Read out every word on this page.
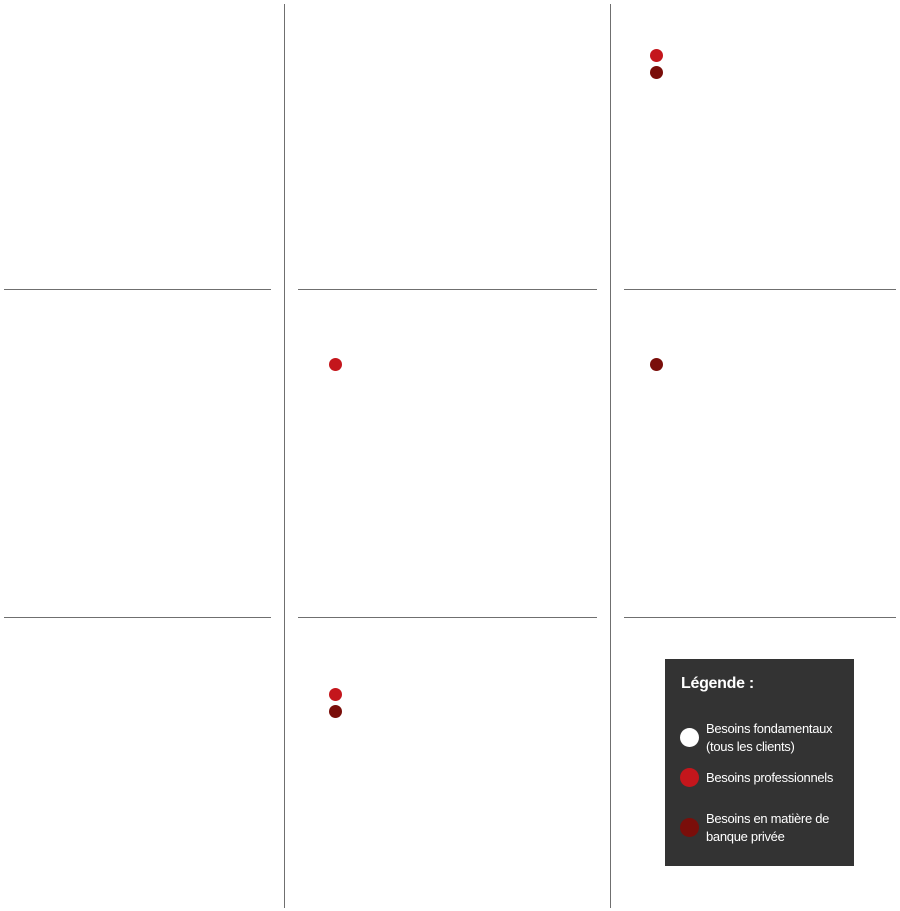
Légende :
Besoins fondamentaux (tous les clients)
Besoins professionnels
Besoins en matière de banque privée
